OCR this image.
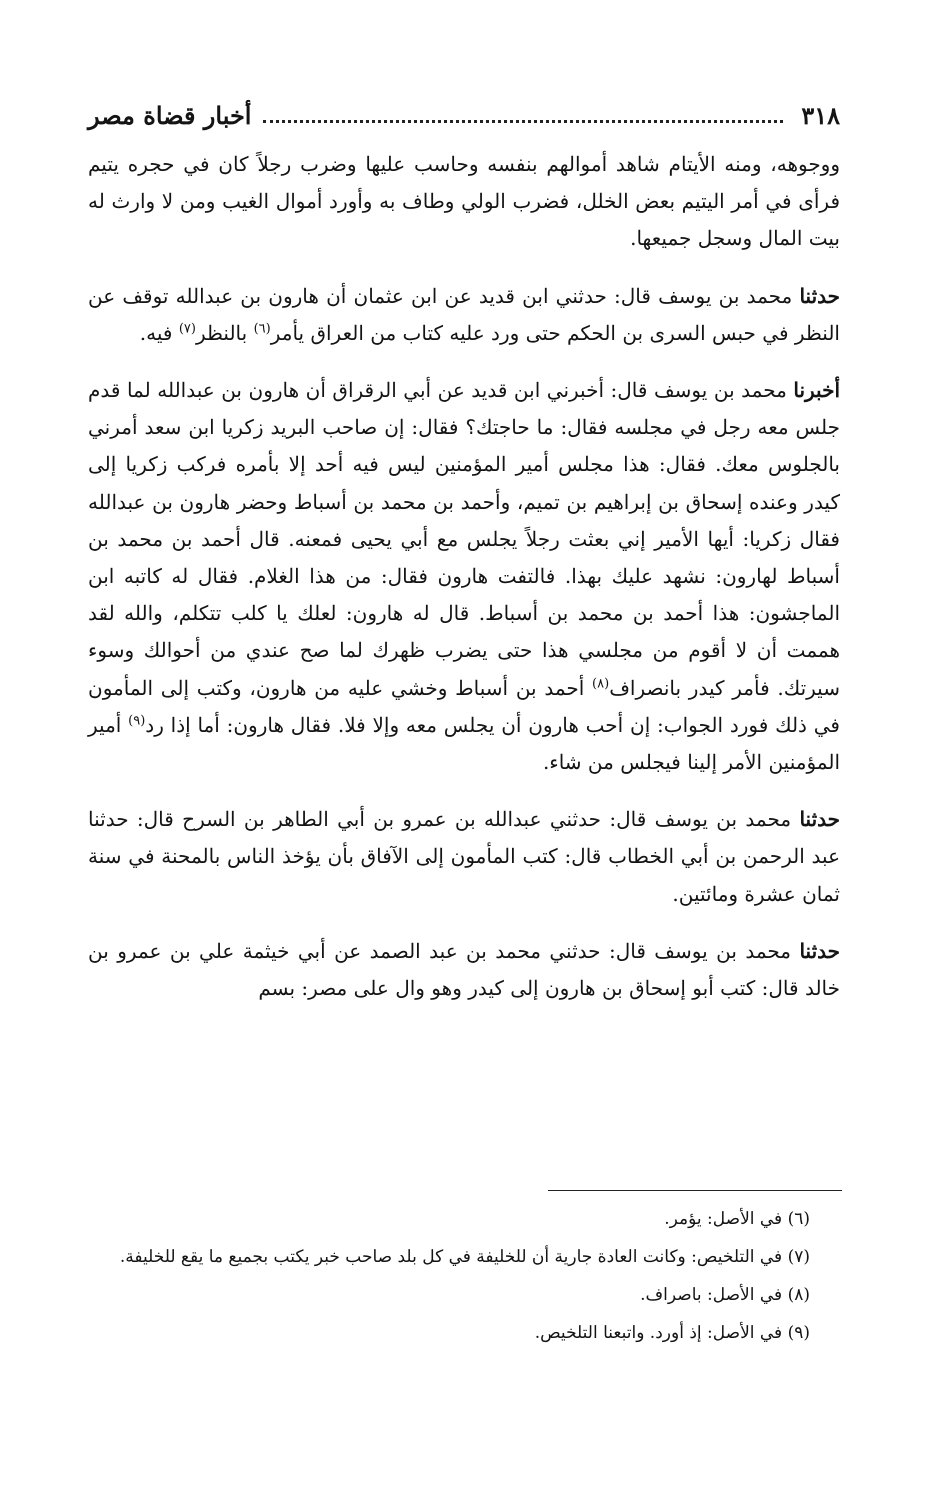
٣١٨
أخبار قضاة مصر

ووجوهه، ومنه الأيتام شاهد أموالهم بنفسه وحاسب عليها وضرب رجلاً كان في حجره يتيم فرأى في أمر اليتيم بعض الخلل، فضرب الولي وطاف به وأورد أموال الغيب ومن لا وارث له بيت المال وسجل جميعها.

حدثنا محمد بن يوسف قال: حدثني ابن قديد عن ابن عثمان أن هارون بن عبدالله توقف عن النظر في حبس السرى بن الحكم حتى ورد عليه كتاب من العراق يأمر$^{(٦)}$ بالنظر$^{(٧)}$ فيه.

أخبرنا محمد بن يوسف قال: أخبرني ابن قديد عن أبي الرقراق أن هارون بن عبدالله لما قدم جلس معه رجل في مجلسه فقال: ما حاجتك؟ فقال: إن صاحب البريد زكريا ابن سعد أمرني بالجلوس معك. فقال: هذا مجلس أمير المؤمنين ليس فيه أحد إلا بأمره فركب زكريا إلى كيدر وعنده إسحاق بن إبراهيم بن تميم، وأحمد بن محمد بن أسباط وحضر هارون بن عبدالله فقال زكريا: أيها الأمير إني بعثت رجلاً يجلس مع أبي يحيى فمعنه. قال أحمد بن محمد بن أسباط لهارون: نشهد عليك بهذا. فالتفت هارون فقال: من هذا الغلام. فقال له كاتبه ابن الماجشون: هذا أحمد بن محمد بن أسباط. قال له هارون: لعلك يا كلب تتكلم، والله لقد هممت أن لا أقوم من مجلسي هذا حتى يضرب ظهرك لما صح عندي من أحوالك وسوء سيرتك. فأمر كيدر بانصراف$^{(٨)}$ أحمد بن أسباط وخشي عليه من هارون، وكتب إلى المأمون في ذلك فورد الجواب: إن أحب هارون أن يجلس معه وإلا فلا. فقال هارون: أما إذا رد$^{(٩)}$ أمير المؤمنين الأمر إلينا فيجلس من شاء.

حدثنا محمد بن يوسف قال: حدثني عبدالله بن عمرو بن أبي الطاهر بن السرح قال: حدثنا عبد الرحمن بن أبي الخطاب قال: كتب المأمون إلى الآفاق بأن يؤخذ الناس بالمحنة في سنة ثمان عشرة ومائتين.

حدثنا محمد بن يوسف قال: حدثني محمد بن عبد الصمد عن أبي خيثمة علي بن عمرو بن خالد قال: كتب أبو إسحاق بن هارون إلى كيدر وهو وال على مصر: بسم

(٦) في الأصل: يؤمر.

(٧) في التلخيص: وكانت العادة جارية أن للخليفة في كل بلد صاحب خبر يكتب بجميع ما يقع للخليفة.

(٨) في الأصل: باصراف.

(٩) في الأصل: إذ أورد. واتبعنا التلخيص.
